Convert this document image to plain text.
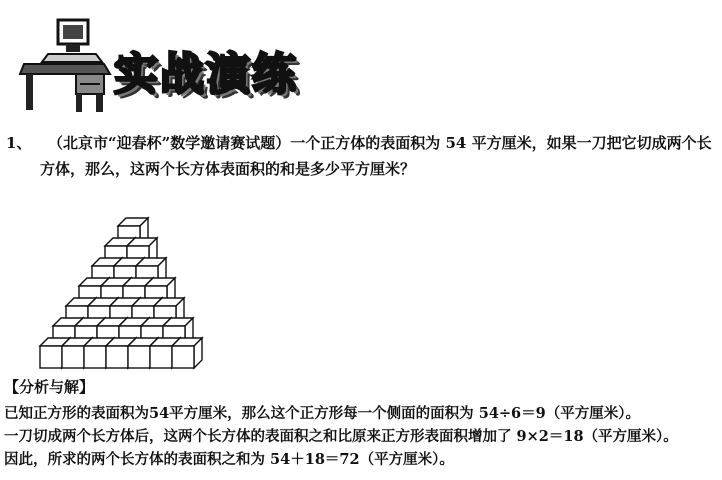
实战演练
1、	（北京市“迎春杯”数学邀请赛试题）一个正方体的表面积为 54 平方厘米，如果一刀把它切成两个长方体，那么，这两个长方体表面积的和是多少平方厘米？
【分析与解】

已知正方形的表面积为54平方厘米，那么这个正方形每一个侧面的面积为 54÷6＝9（平方厘米）。

一刀切成两个长方体后，这两个长方体的表面积之和比原来正方形表面积增加了 9×2＝18（平方厘米）。

因此，所求的两个长方体的表面积之和为 54＋18＝72（平方厘米）。
